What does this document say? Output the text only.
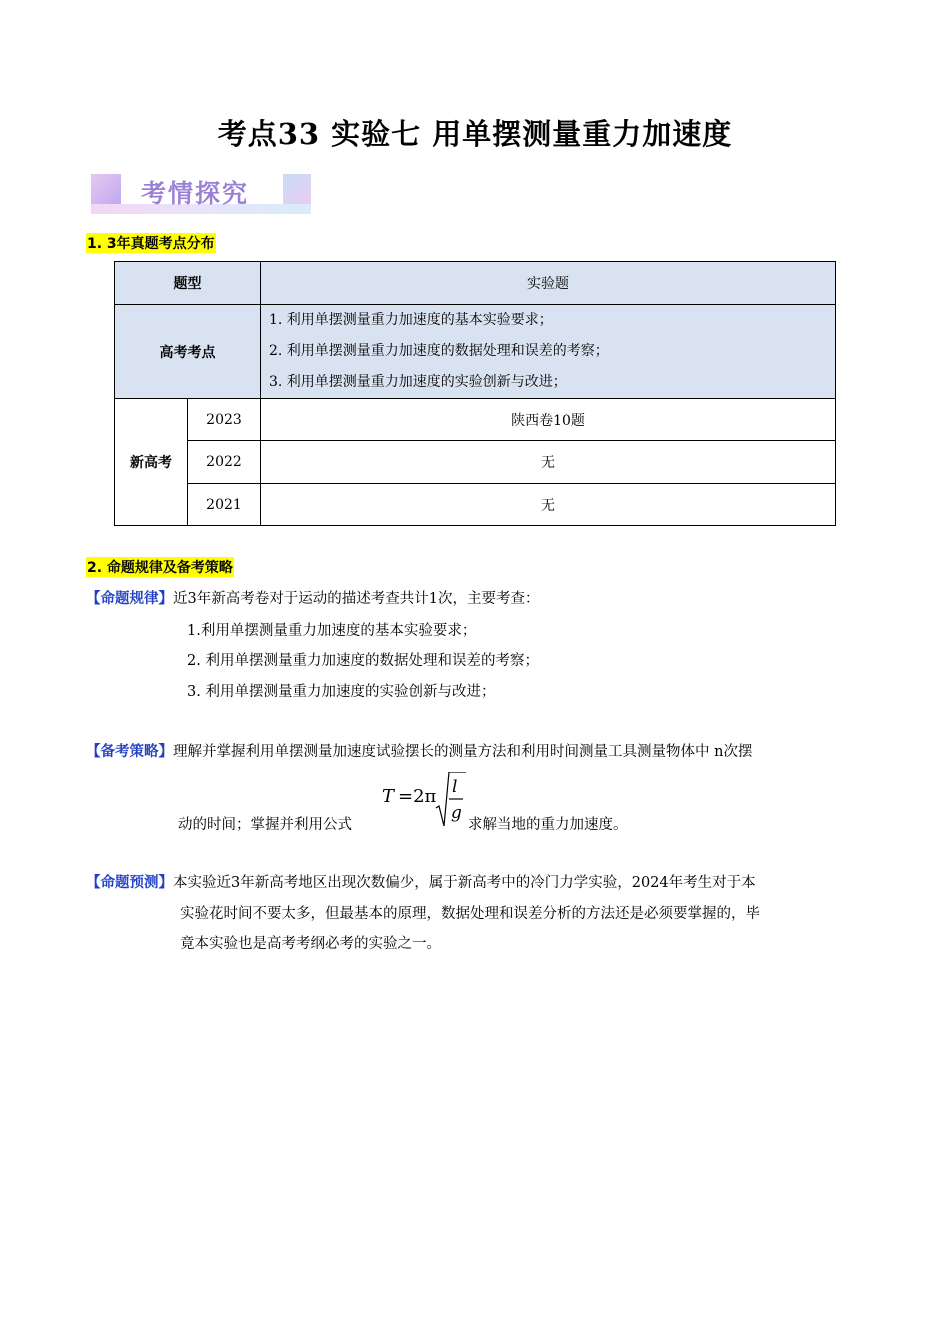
考点33 实验七 用单摆测量重力加速度
考情探究
1. 3年真题考点分布
题型		实验题
高考考点		1. 利用单摆测量重力加速度的基本实验要求；
2. 利用单摆测量重力加速度的数据处理和误差的考察；
3. 利用单摆测量重力加速度的实验创新与改进；

新高考	2023	陕西卷10题
	2022	无
	2021	无
2. 命题规律及备考策略
【命题规律】近3年新高考卷对于运动的描述考查共计1次，主要考查：
1.利用单摆测量重力加速度的基本实验要求；
2. 利用单摆测量重力加速度的数据处理和误差的考察；
3. 利用单摆测量重力加速度的实验创新与改进；
【备考策略】理解并掌握利用单摆测量加速度试验摆长的测量方法和利用时间测量工具测量物体中 n次摆
动的时间；掌握并利用公式
T =2π l
g
求解当地的重力加速度。
【命题预测】本实验近3年新高考地区出现次数偏少，属于新高考中的冷门力学实验，2024年考生对于本
实验花时间不要太多，但最基本的原理，数据处理和误差分析的方法还是必须要掌握的，毕
竟本实验也是高考考纲必考的实验之一。
